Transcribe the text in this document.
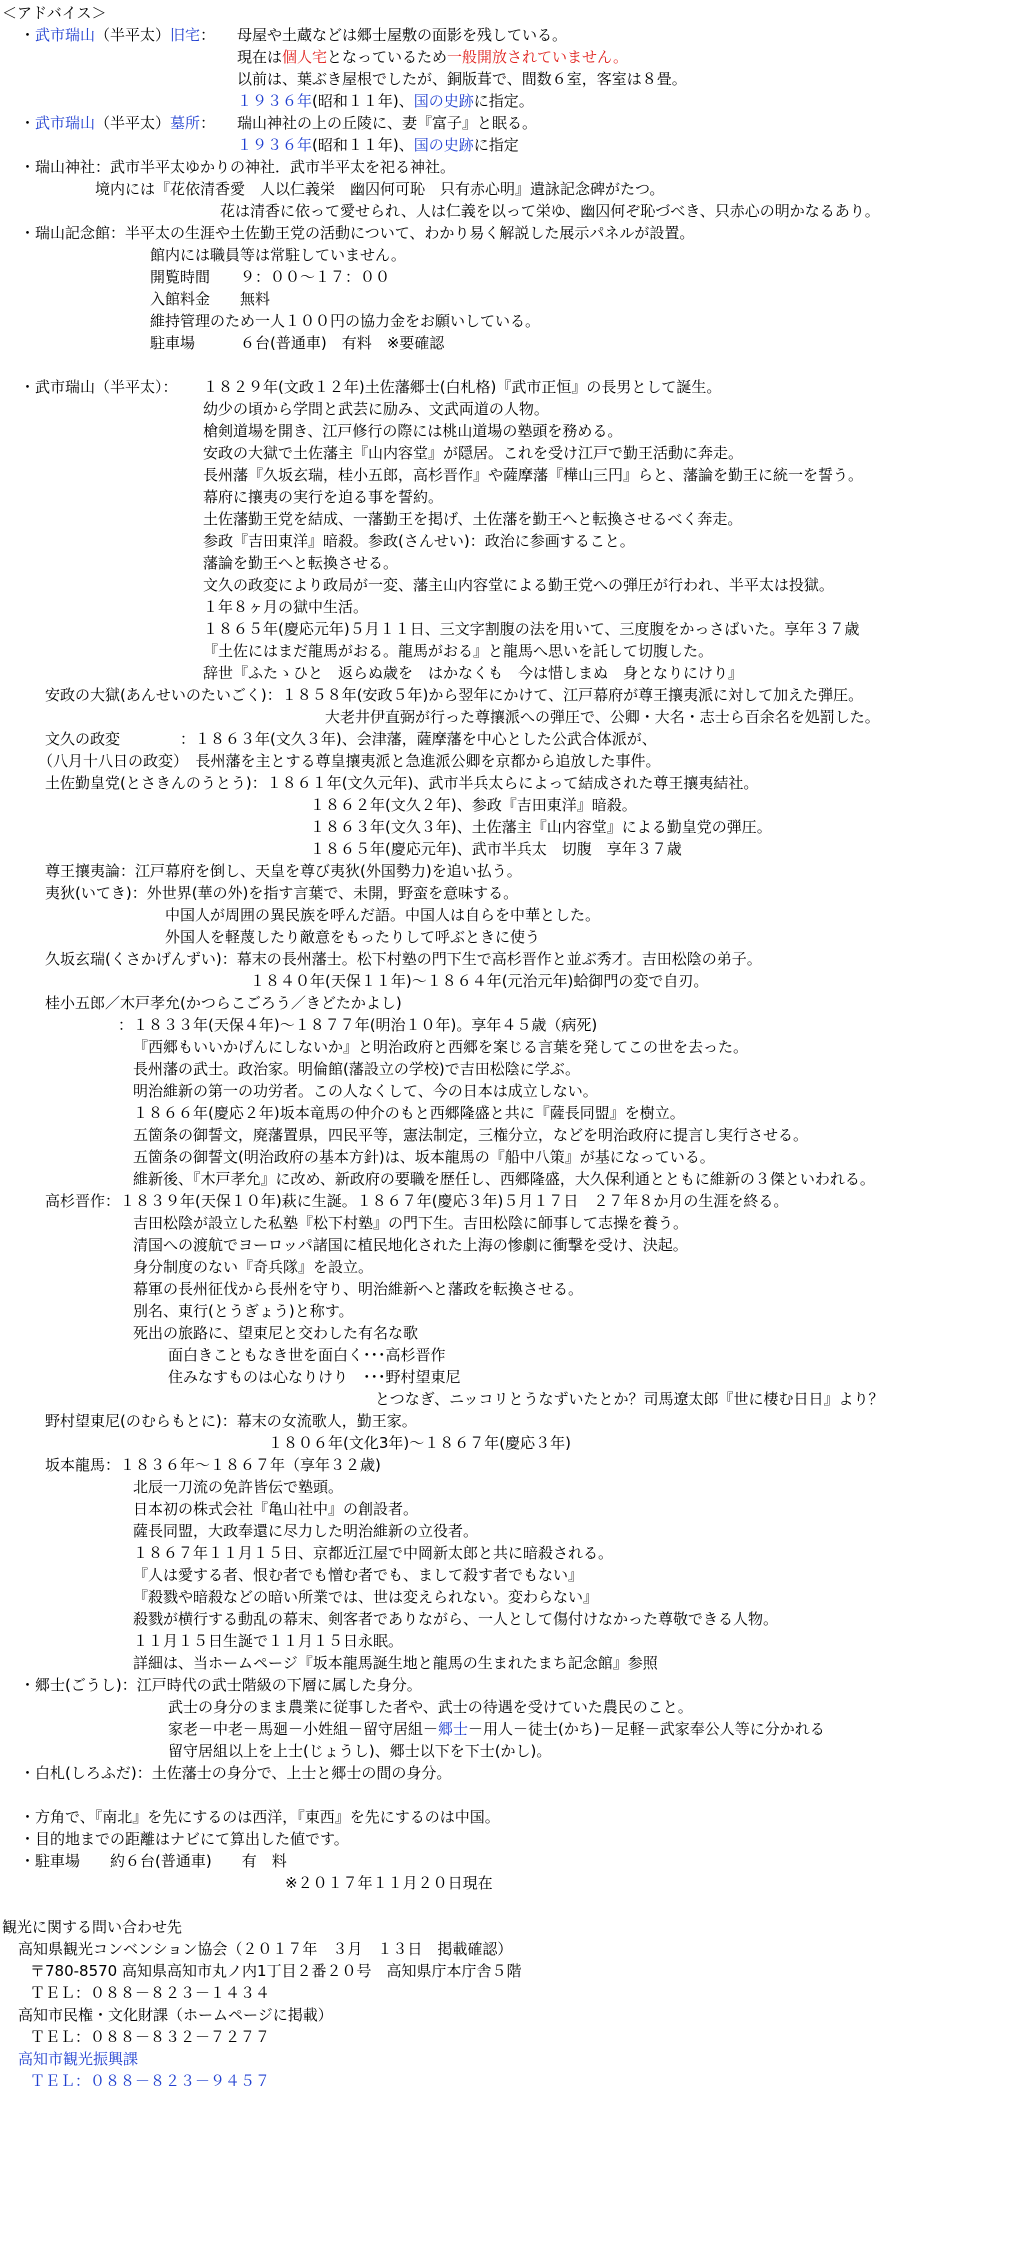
＜アドバイス＞
・武市瑞山（半平太）旧宅： 母屋や土蔵などは郷士屋敷の面影を残している。
現在は個人宅となっているため一般開放されていません。
以前は、葉ぶき屋根でしたが、銅版葺で、間数６室，客室は８畳。
１９３６年(昭和１１年)、国の史跡に指定。
・武市瑞山（半平太）墓所： 瑞山神社の上の丘陵に、妻『富子』と眠る。
１９３６年(昭和１１年)、国の史跡に指定
・瑞山神社：武市半平太ゆかりの神社．武市半平太を祀る神社。
境内には『花依清香愛　人以仁義栄　幽囚何可恥　只有赤心明』遺詠記念碑がたつ。
花は清香に依って愛せられ、人は仁義を以って栄ゆ、幽囚何ぞ恥づべき、只赤心の明かなるあり。
・瑞山記念館：半平太の生涯や土佐勤王党の活動について、わかり易く解説した展示パネルが設置。
館内には職員等は常駐していません。
開覧時間　　９：００～１７：００
入館料金　　無料
維持管理のため一人１００円の協力金をお願いしている。
駐車場　　　６台(普通車)　有料　※要確認
・武市瑞山（半平太）： １８２９年(文政１２年)土佐藩郷士(白札格)『武市正恒』の長男として誕生。
幼少の頃から学問と武芸に励み、文武両道の人物。
槍剣道場を開き、江戸修行の際には桃山道場の塾頭を務める。
安政の大獄で土佐藩主『山内容堂』が隠居。これを受け江戸で勤王活動に奔走。
長州藩『久坂玄瑞，桂小五郎，高杉晋作』や薩摩藩『樺山三円』らと、藩論を勤王に統一を誓う。
幕府に攘夷の実行を迫る事を誓約。
土佐藩勤王党を結成、一藩勤王を掲げ、土佐藩を勤王へと転換させるべく奔走。
参政『吉田東洋』暗殺。参政(さんせい)：政治に参画すること。
藩論を勤王へと転換させる。
文久の政変により政局が一変、藩主山内容堂による勤王党への弾圧が行われ、半平太は投獄。
１年８ヶ月の獄中生活。
１８６５年(慶応元年)５月１１日、三文字割腹の法を用いて、三度腹をかっさばいた。享年３７歳
『土佐にはまだ龍馬がおる。龍馬がおる』と龍馬へ思いを託して切腹した。
辞世『ふたゝひと　返らぬ歳を　はかなくも　今は惜しまぬ　身となりにけり』
安政の大獄(あんせいのたいごく)：１８５８年(安政５年)から翌年にかけて、江戸幕府が尊王攘夷派に対して加えた弾圧。
大老井伊直弼が行った尊攘派への弾圧で、公卿・大名・志士ら百余名を処罰した。
文久の政変　　　　：１８６３年(文久３年)、会津藩，薩摩藩を中心とした公武合体派が、
（八月十八日の政変）　長州藩を主とする尊皇攘夷派と急進派公卿を京都から追放した事件。
土佐勤皇党(とさきんのうとう)：１８６１年(文久元年)、武市半兵太らによって結成された尊王攘夷結社。
１８６２年(文久２年)、参政『吉田東洋』暗殺。
１８６３年(文久３年)、土佐藩主『山内容堂』による勤皇党の弾圧。
１８６５年(慶応元年)、武市半兵太　切腹　享年３７歳
尊王攘夷論：江戸幕府を倒し、天皇を尊び夷狄(外国勢力)を追い払う。
夷狄(いてき)：外世界(華の外)を指す言葉で、未開，野蛮を意味する。
中国人が周囲の異民族を呼んだ語。中国人は自らを中華とした。
外国人を軽蔑したり敵意をもったりして呼ぶときに使う
久坂玄瑞(くさかげんずい)：幕末の長州藩士。松下村塾の門下生で高杉晋作と並ぶ秀才。吉田松陰の弟子。
１８４０年(天保１１年)～１８６４年(元治元年)蛤御門の変で自刃。
桂小五郎／木戸孝允(かつらこごろう／きどたかよし)
：１８３３年(天保４年)～１８７７年(明治１０年)。享年４５歳（病死)
『西郷もいいかげんにしないか』と明治政府と西郷を案じる言葉を発してこの世を去った。
長州藩の武士。政治家。明倫館(藩設立の学校)で吉田松陰に学ぶ。
明治維新の第一の功労者。この人なくして、今の日本は成立しない。
１８６６年(慶応２年)坂本竜馬の仲介のもと西郷隆盛と共に『薩長同盟』を樹立。
五箇条の御誓文，廃藩置県，四民平等，憲法制定，三権分立，などを明治政府に提言し実行させる。
五箇条の御誓文(明治政府の基本方針)は、坂本龍馬の『船中八策』が基になっている。
維新後、『木戸孝允』に改め、新政府の要職を歴任し、西郷隆盛，大久保利通とともに維新の３傑といわれる。
高杉晋作：１８３９年(天保１０年)萩に生誕。１８６７年(慶応３年)５月１７日　２７年８か月の生涯を終る。
吉田松陰が設立した私塾『松下村塾』の門下生。吉田松陰に師事して志操を養う。
清国への渡航でヨーロッパ諸国に植民地化された上海の惨劇に衝撃を受け、決起。
身分制度のない『奇兵隊』を設立。
幕軍の長州征伐から長州を守り、明治維新へと藩政を転換させる。
別名、東行(とうぎょう)と称す。
死出の旅路に、望東尼と交わした有名な歌
面白きこともなき世を面白く･･･高杉晋作
住みなすものは心なりけり　･･･野村望東尼
とつなぎ、ニッコリとうなずいたとか？司馬遼太郎『世に棲む日日』より？
野村望東尼(のむらもとに)：幕末の女流歌人，勤王家。
１８０６年(文化3年)～１８６７年(慶応３年)
坂本龍馬：１８３６年～１８６７年（享年３２歳)
北辰一刀流の免許皆伝で塾頭。
日本初の株式会社『亀山社中』の創設者。
薩長同盟，大政奉還に尽力した明治維新の立役者。
１８６７年１１月１５日、京都近江屋で中岡新太郎と共に暗殺される。
『人は愛する者、恨む者でも憎む者でも、まして殺す者でもない』
『殺戮や暗殺などの暗い所業では、世は変えられない。変わらない』
殺戮が横行する動乱の幕末、剣客者でありながら、一人として傷付けなかった尊敬できる人物。
１１月１５日生誕で１１月１５日永眠。
詳細は、当ホームページ『坂本龍馬誕生地と龍馬の生まれたまち記念館』参照
・郷士(ごうし)：江戸時代の武士階級の下層に属した身分。
武士の身分のまま農業に従事した者や、武士の待遇を受けていた農民のこと。
家老－中老－馬廻－小姓組－留守居組－郷士－用人－徒士(かち)－足軽－武家奉公人等に分かれる
留守居組以上を上士(じょうし)、郷士以下を下士(かし)。
・白札(しろふだ)：土佐藩士の身分で、上士と郷士の間の身分。
・方角で、『南北』を先にするのは西洋，『東西』を先にするのは中国。
・目的地までの距離はナビにて算出した値です。
・駐車場　　約６台(普通車)　　有　料
※２０１７年１１月２０日現在
観光に関する問い合わせ先
高知県観光コンベンション協会（２０１７年　３月　１３日　掲載確認）
〒780-8570 高知県高知市丸ノ内1丁目２番２０号　高知県庁本庁舎５階
ＴＥＬ：０８８－８２３－１４３４
高知市民権・文化財課（ホームページに掲載）
ＴＥＬ：０８８－８３２－７２７７
高知市観光振興課
ＴＥＬ：０８８－８２３－９４５７
